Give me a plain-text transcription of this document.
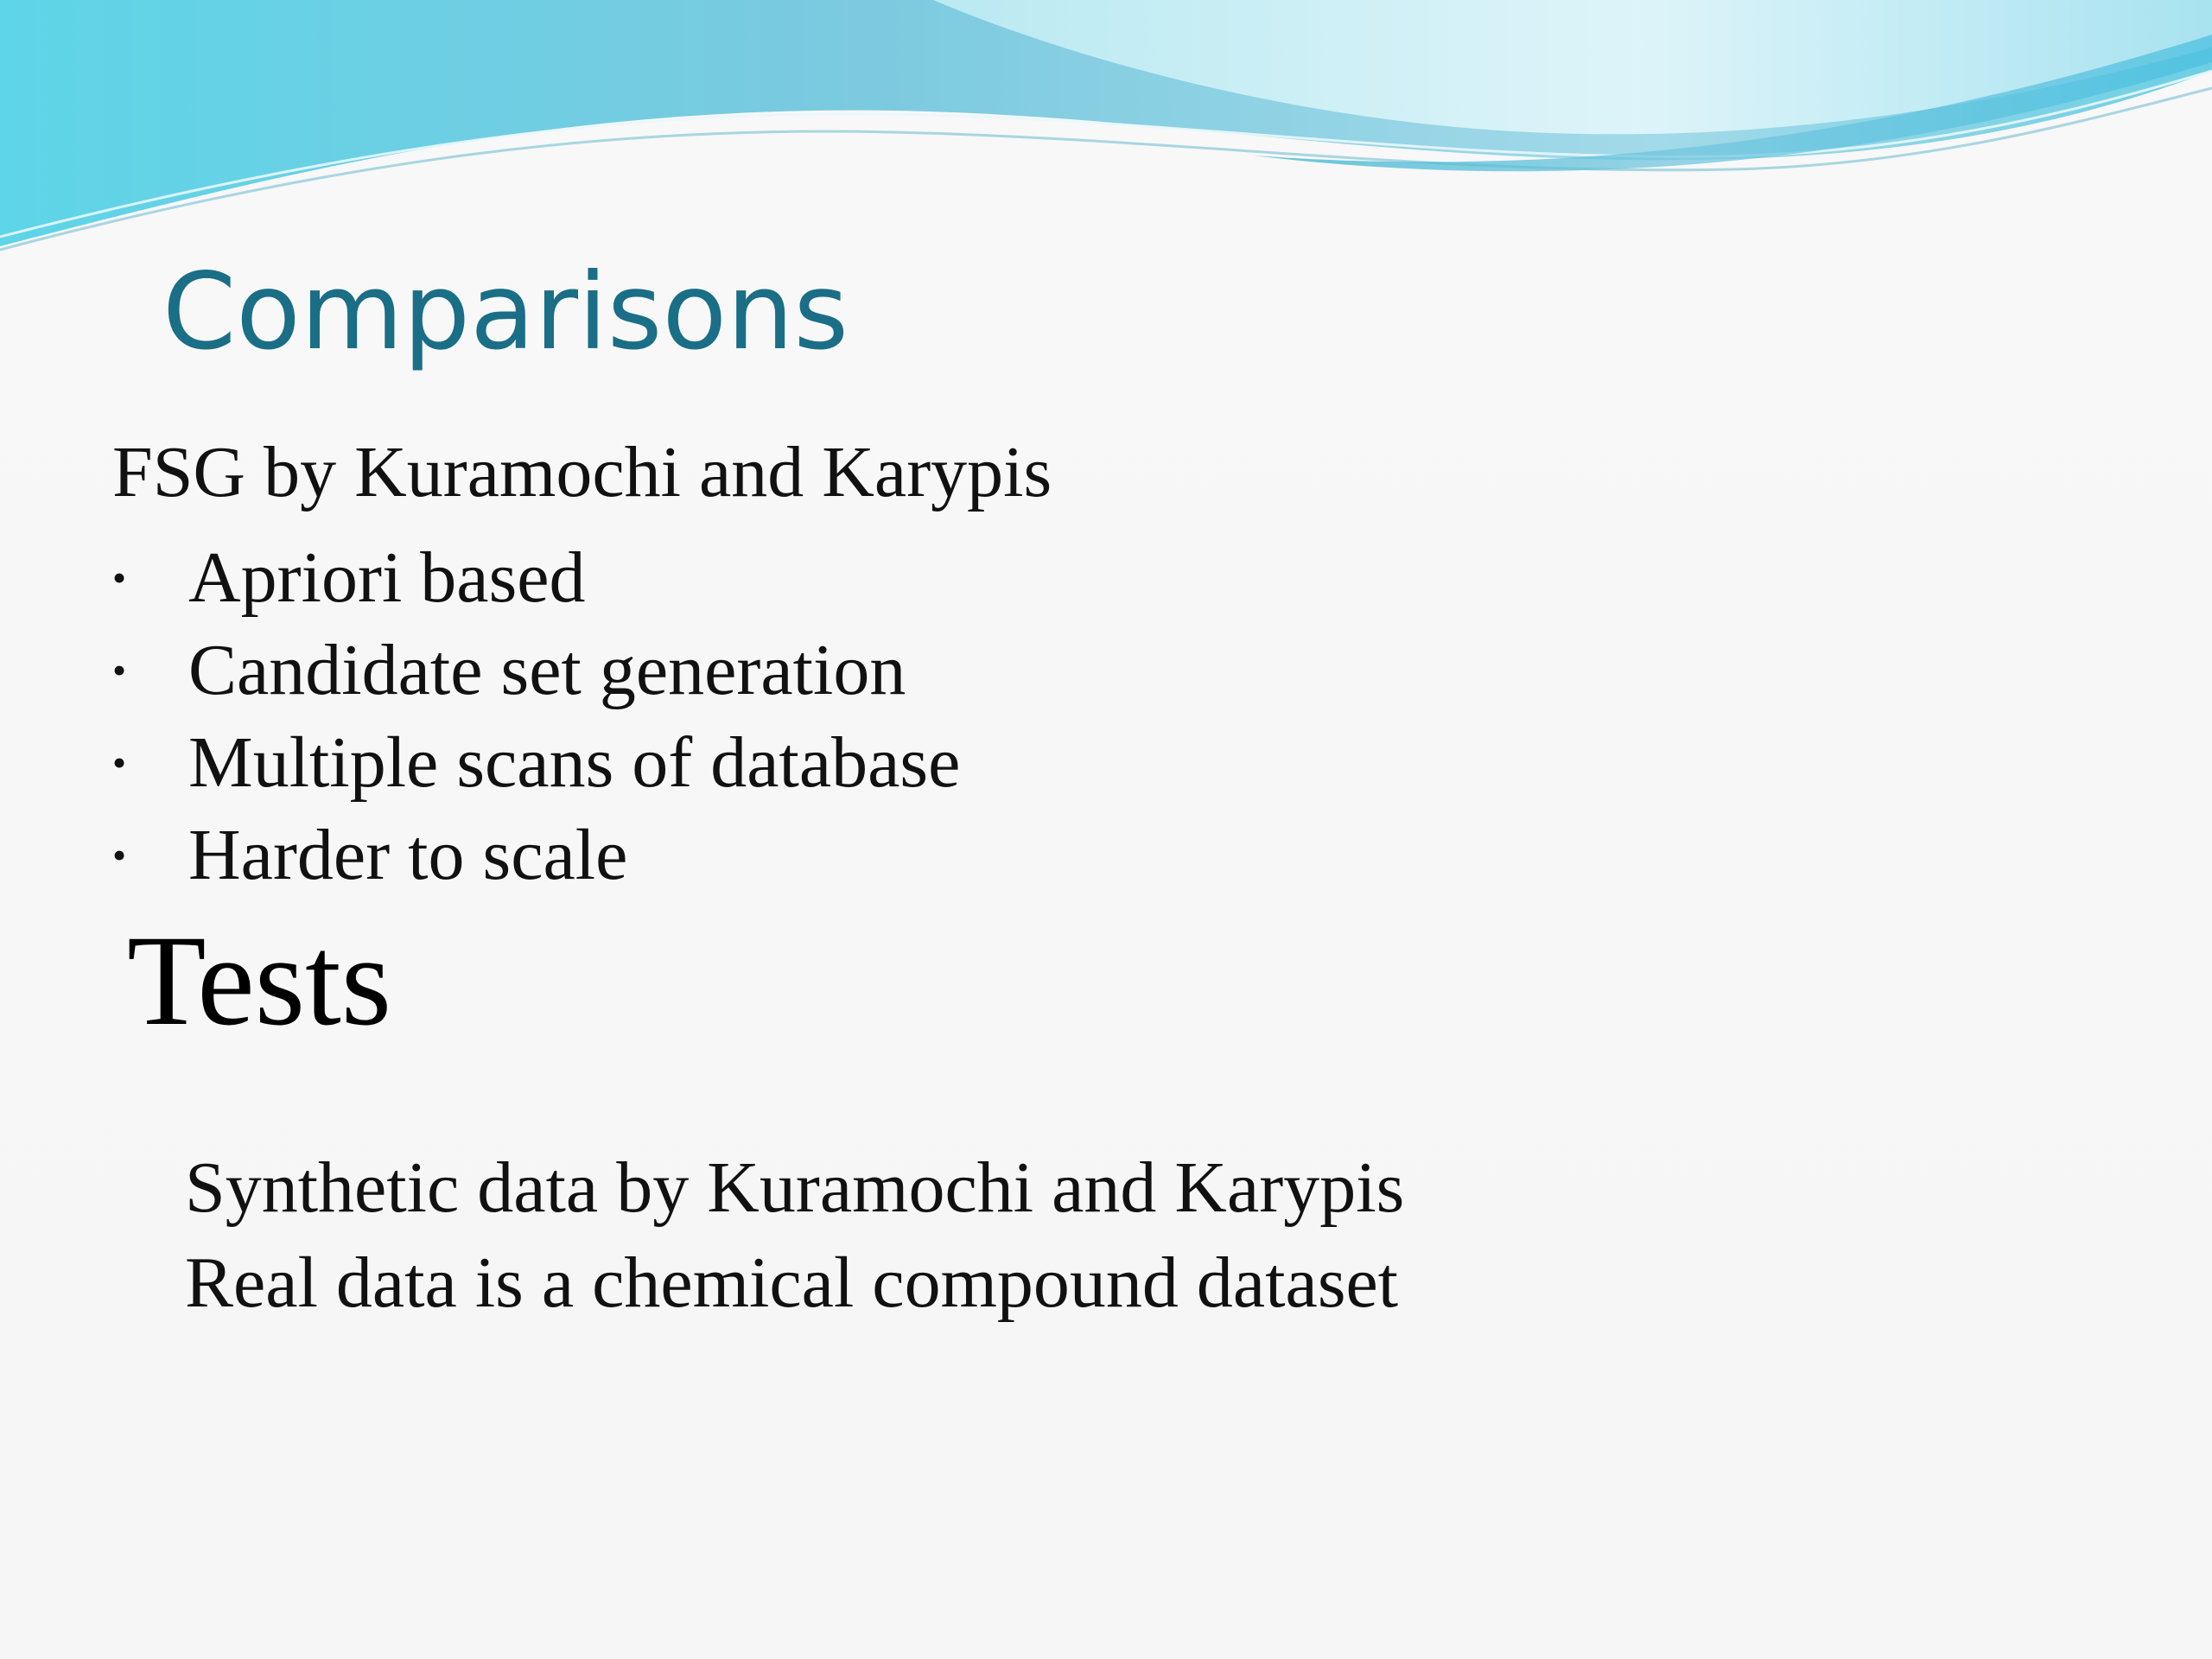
Comparisons

FSG by Kuramochi and Karypis

• Apriori based
• Candidate set generation
• Multiple scans of database
• Harder to scale
Tests
Synthetic data by Kuramochi and Karypis
Real data is a chemical compound dataset
